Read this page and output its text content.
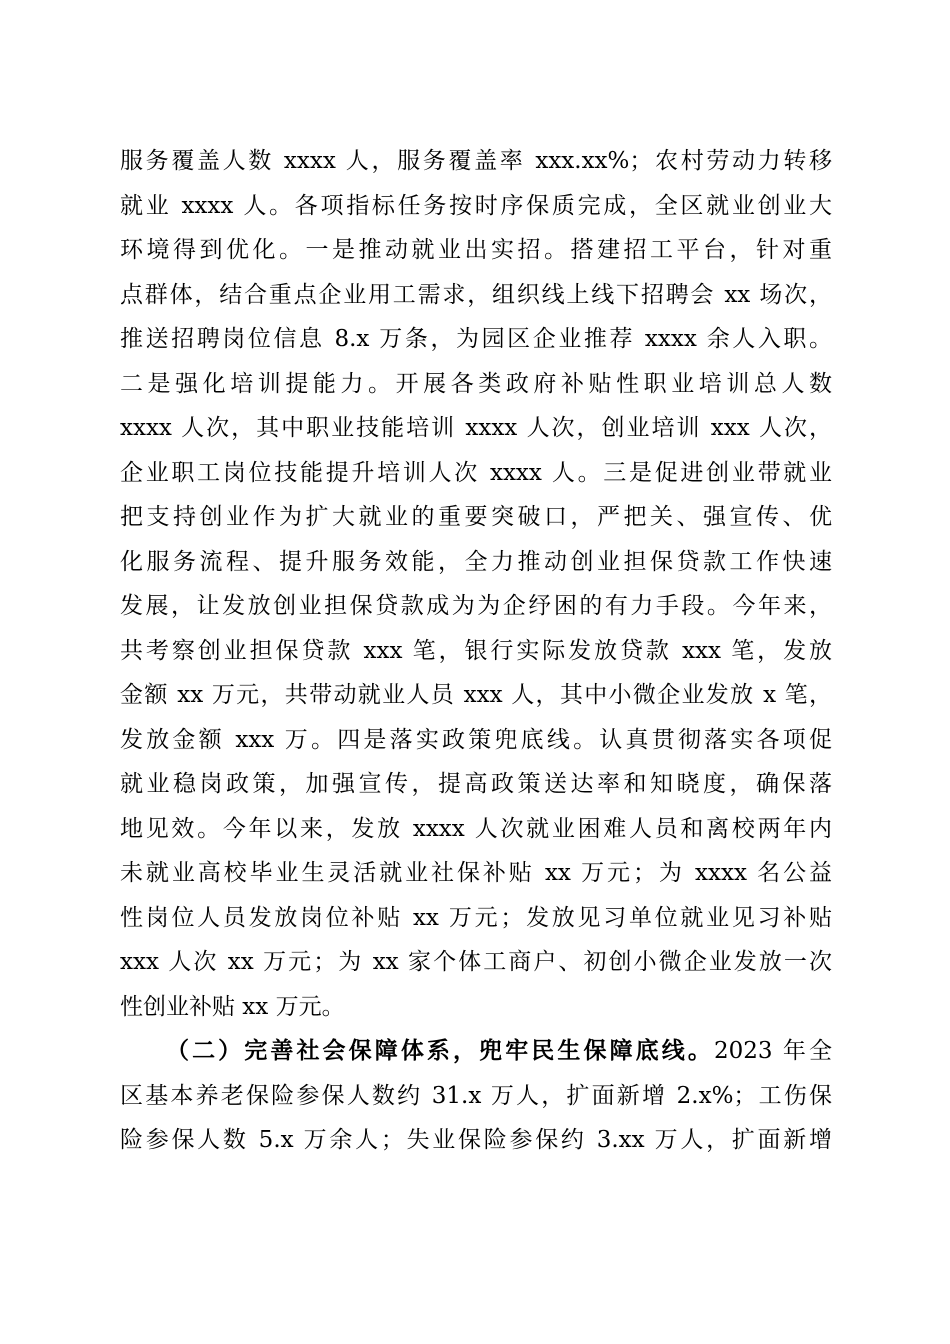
服务覆盖人数 xxxx 人，服务覆盖率 xxx.xx%；农村劳动力转移
就业 xxxx 人。各项指标任务按时序保质完成，全区就业创业大
环境得到优化。一是推动就业出实招。搭建招工平台，针对重
点群体，结合重点企业用工需求，组织线上线下招聘会 xx 场次，
推送招聘岗位信息 8.x 万条，为园区企业推荐 xxxx 余人入职。
二是强化培训提能力。开展各类政府补贴性职业培训总人数
xxxx 人次，其中职业技能培训 xxxx 人次，创业培训 xxx 人次，
企业职工岗位技能提升培训人次 xxxx 人。三是促进创业带就业
把支持创业作为扩大就业的重要突破口，严把关、强宣传、优
化服务流程、提升服务效能，全力推动创业担保贷款工作快速
发展，让发放创业担保贷款成为为企纾困的有力手段。今年来，
共考察创业担保贷款 xxx 笔，银行实际发放贷款 xxx 笔，发放
金额 xx 万元，共带动就业人员 xxx 人，其中小微企业发放 x 笔，
发放金额 xxx 万。四是落实政策兜底线。认真贯彻落实各项促
就业稳岗政策，加强宣传，提高政策送达率和知晓度，确保落
地见效。今年以来，发放 xxxx 人次就业困难人员和离校两年内
未就业高校毕业生灵活就业社保补贴 xx 万元；为 xxxx 名公益
性岗位人员发放岗位补贴 xx 万元；发放见习单位就业见习补贴
xxx 人次 xx 万元；为 xx 家个体工商户、初创小微企业发放一次
性创业补贴 xx 万元。
（二）完善社会保障体系，兜牢民生保障底线。2023 年全
区基本养老保险参保人数约 31.x 万人，扩面新增 2.x%；工伤保
险参保人数 5.x 万余人；失业保险参保约 3.xx 万人，扩面新增
